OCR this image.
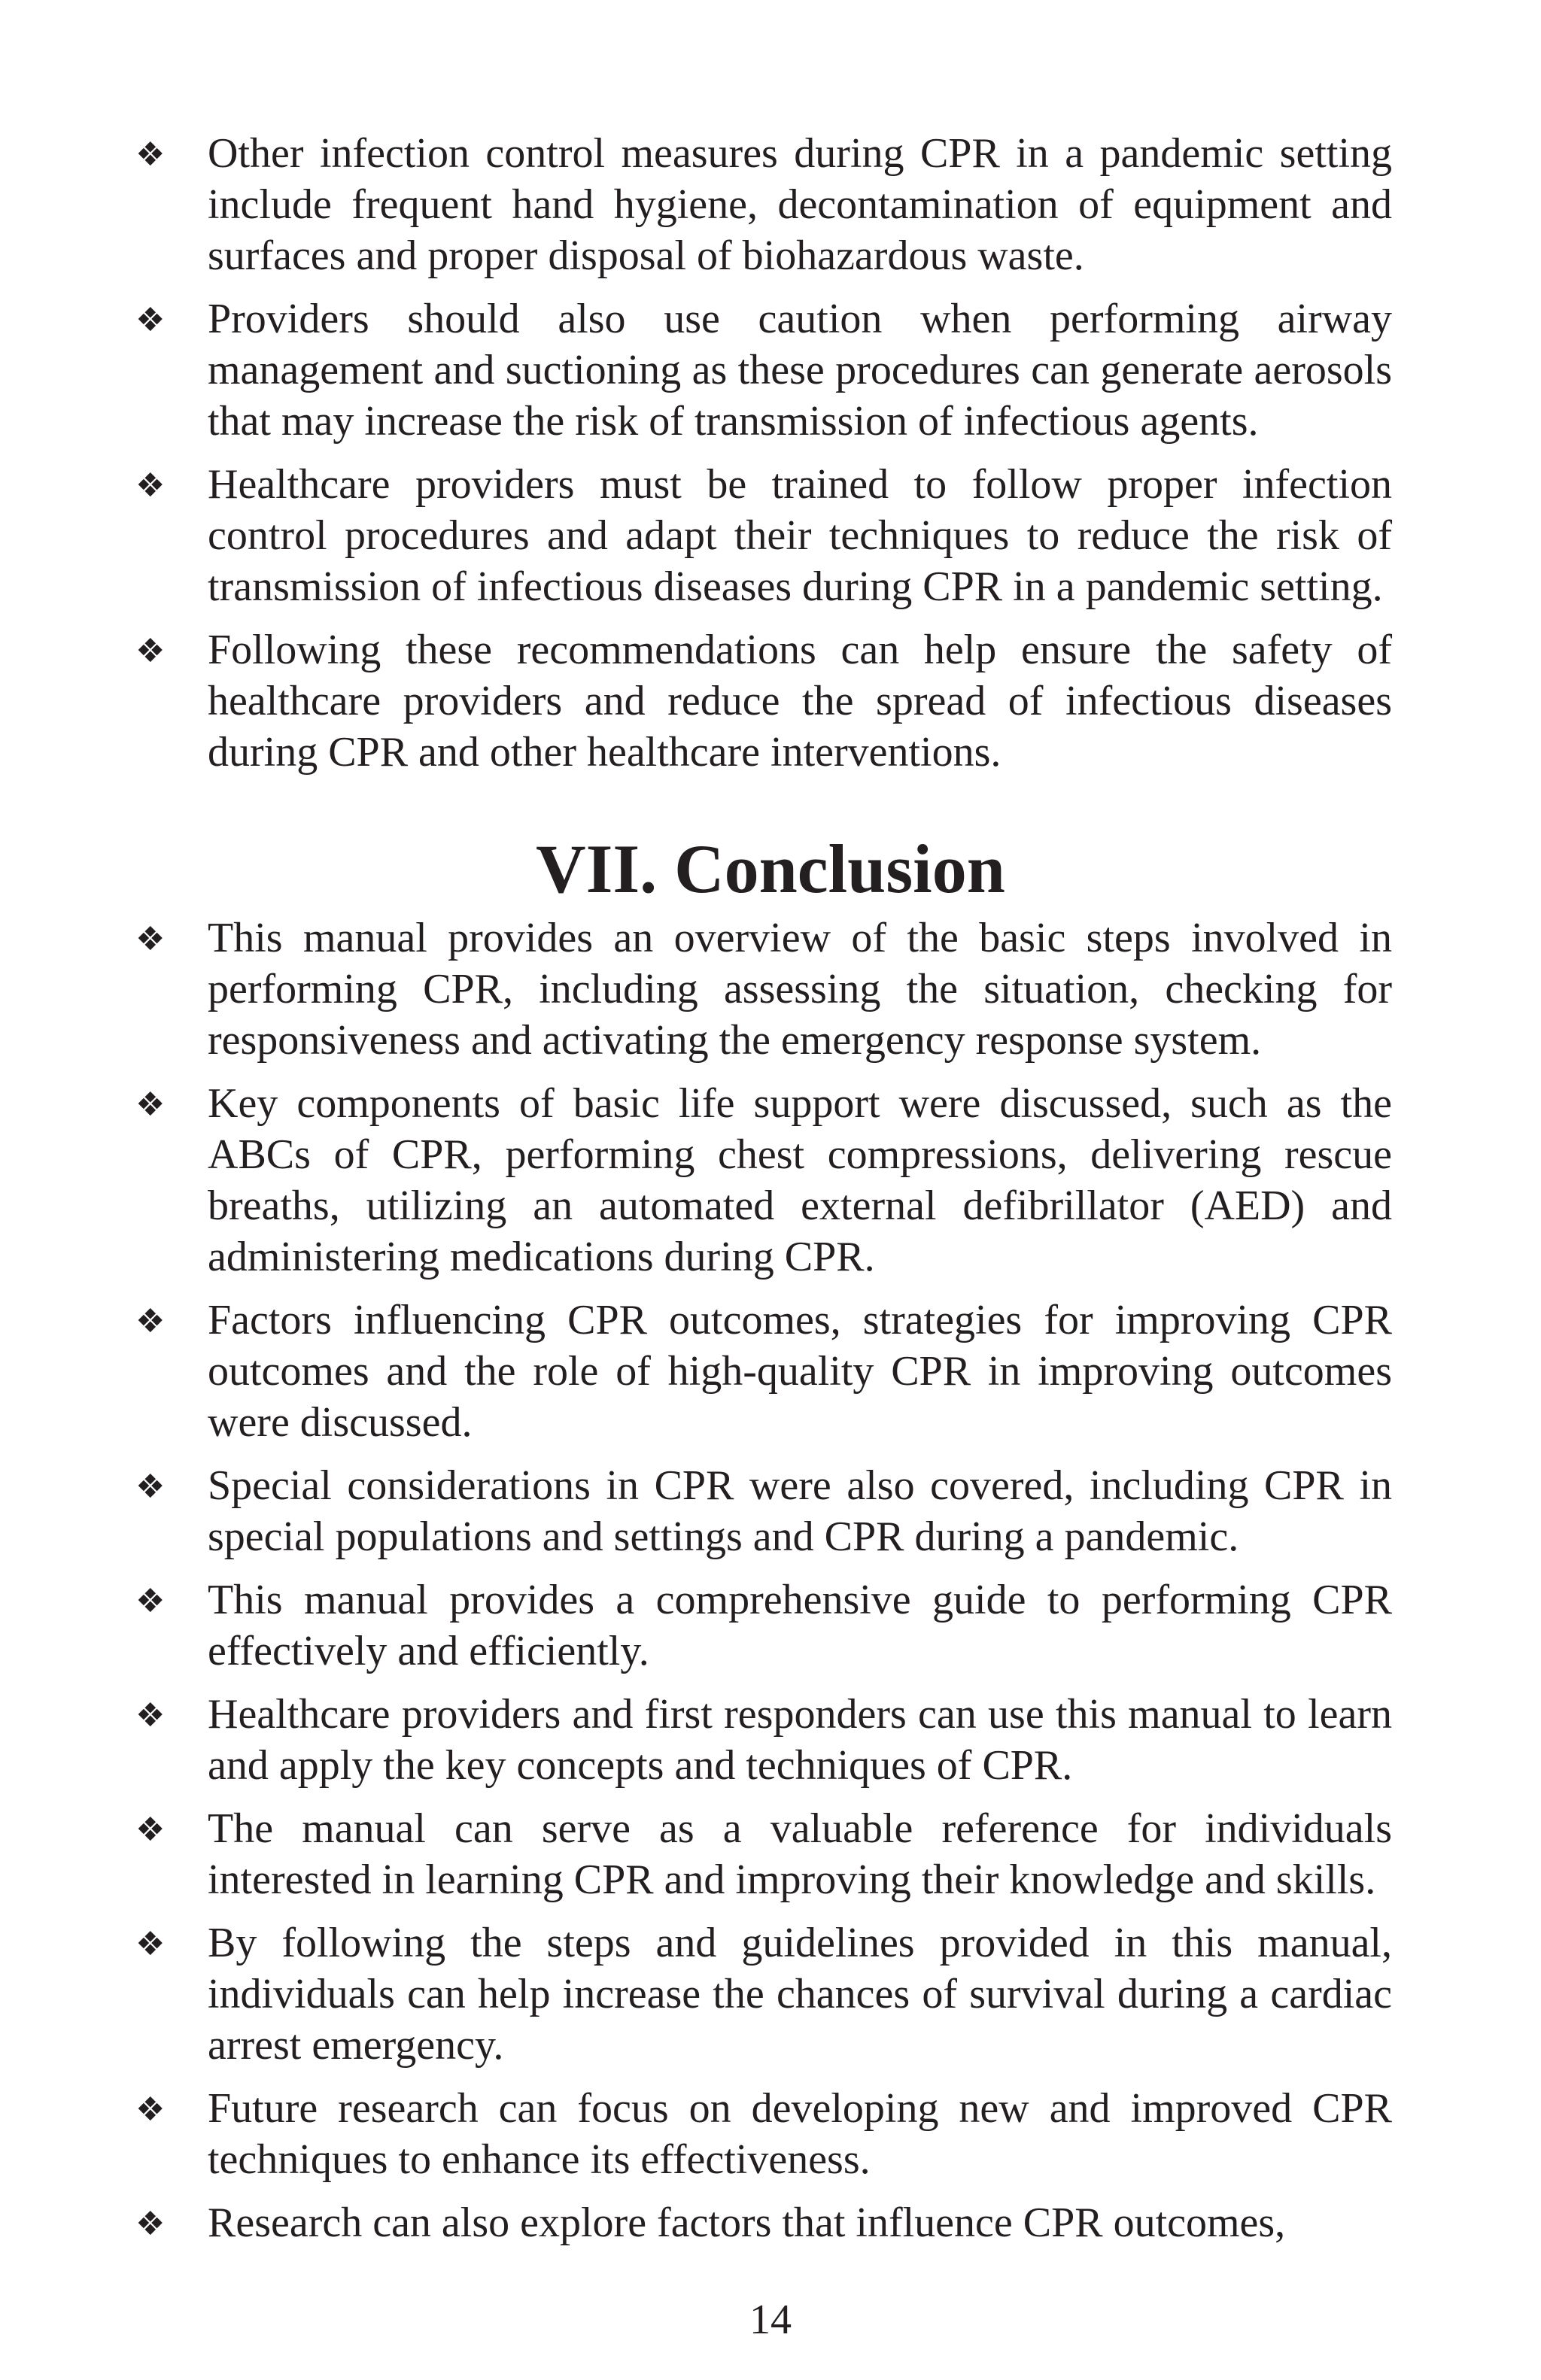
❖ Other infection control measures during CPR in a pandemic setting include frequent hand hygiene, decontamination of equipment and surfaces and proper disposal of biohazardous waste.
❖ Providers should also use caution when performing airway management and suctioning as these procedures can generate aerosols that may increase the risk of transmission of infectious agents.
❖ Healthcare providers must be trained to follow proper infection control procedures and adapt their techniques to reduce the risk of transmission of infectious diseases during CPR in a pandemic setting.
❖ Following these recommendations can help ensure the safety of healthcare providers and reduce the spread of infectious diseases during CPR and other healthcare interventions.
VII. Conclusion
❖ This manual provides an overview of the basic steps involved in performing CPR, including assessing the situation, checking for responsiveness and activating the emergency response system.
❖ Key components of basic life support were discussed, such as the ABCs of CPR, performing chest compressions, delivering rescue breaths, utilizing an automated external defibrillator (AED) and administering medications during CPR.
❖ Factors influencing CPR outcomes, strategies for improving CPR outcomes and the role of high-quality CPR in improving outcomes were discussed.
❖ Special considerations in CPR were also covered, including CPR in special populations and settings and CPR during a pandemic.
❖ This manual provides a comprehensive guide to performing CPR effectively and efficiently.
❖ Healthcare providers and first responders can use this manual to learn and apply the key concepts and techniques of CPR.
❖ The manual can serve as a valuable reference for individuals interested in learning CPR and improving their knowledge and skills.
❖ By following the steps and guidelines provided in this manual, individuals can help increase the chances of survival during a cardiac arrest emergency.
❖ Future research can focus on developing new and improved CPR techniques to enhance its effectiveness.
❖ Research can also explore factors that influence CPR outcomes,
14
